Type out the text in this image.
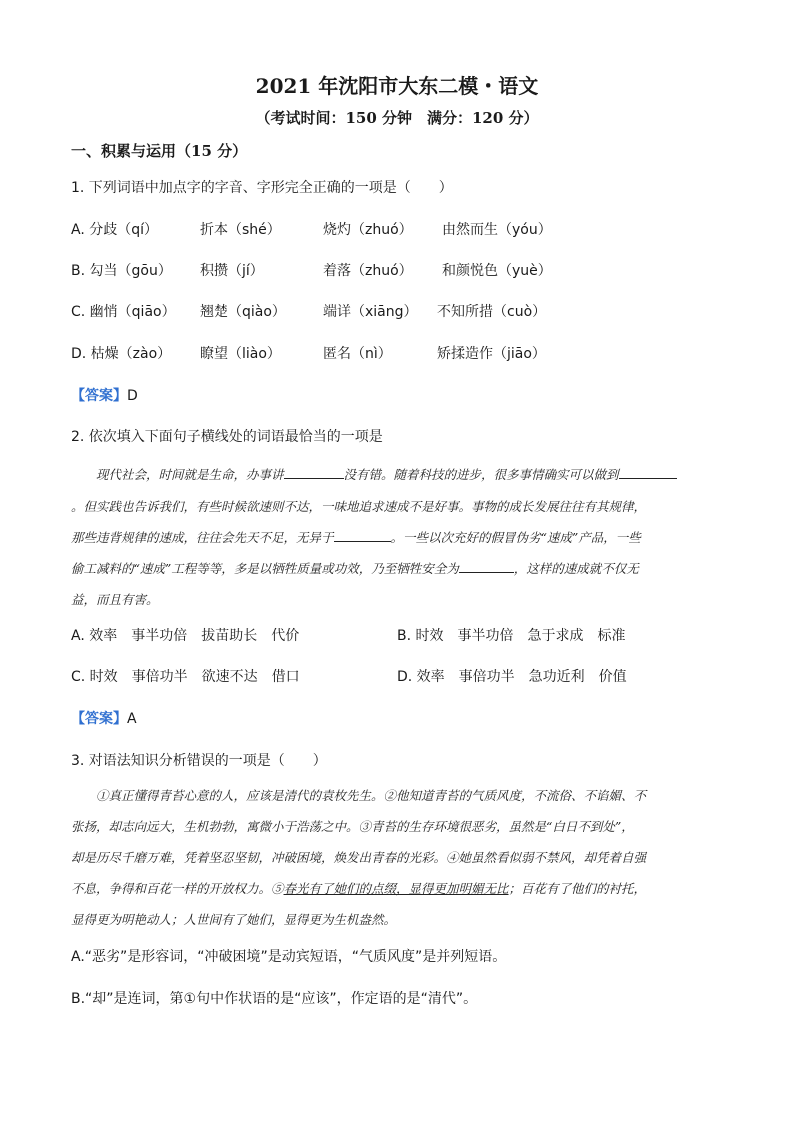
2021 年沈阳市大东二模・语文
（考试时间：150 分钟　满分：120 分）
一、积累与运用（15 分）
1. 下列词语中加点字的字音、字形完全正确的一项是（　　）
A. 分歧（qí）	折本（shé）	烧灼（zhuó） 由然而生（yóu）
B. 勾当（gōu） 积攒（jí）	着落（zhuó） 和颜悦色（yuè）
C. 幽悄（qiāo） 翘楚（qiào）	端详（xiāng） 不知所措（cuò）
D. 枯燥（zào） 瞭望（liào）	匿名（nì）	矫揉造作（jiāo）
【答案】D
2. 依次填入下面句子横线处的词语最恰当的一项是
现代社会，时间就是生命，办事讲	没有错。随着科技的进步，很多事情确实可以做到
。但实践也告诉我们，有些时候欲速则不达，一味地追求速成不是好事。事物的成长发展往往有其规律，
那些违背规律的速成，往往会先天不足，无异于	。一些以次充好的假冒伪劣“速成”产品，一些
偷工减料的“速成”工程等等，多是以牺牲质量或功效，乃至牺牲安全为	，这样的速成就不仅无
益，而且有害。
A. 效率　事半功倍　拔苗助长　代价	B. 时效　事半功倍　急于求成　标准
C. 时效　事倍功半　欲速不达　借口	D. 效率　事倍功半　急功近利　价值
【答案】A
3. 对语法知识分析错误的一项是（　　）
①真正懂得青苔心意的人，应该是清代的袁枚先生。②他知道青苔的气质风度，不流俗、不谄媚、不
张扬，却志向远大，生机勃勃，寓微小于浩荡之中。③青苔的生存环境很恶劣，虽然是“白日不到处”，
却是历尽千磨万难，凭着坚忍坚韧，冲破困境，焕发出青春的光彩。④她虽然看似弱不禁风，却凭着自强
不息，争得和百花一样的开放权力。⑤春光有了她们的点缀，显得更加明媚无比；百花有了他们的衬托，
显得更为明艳动人；人世间有了她们，显得更为生机盎然。
A.“恶劣”是形容词，“冲破困境”是动宾短语，“气质风度”是并列短语。
B.“却”是连词，第①句中作状语的是“应该”，作定语的是“清代”。
